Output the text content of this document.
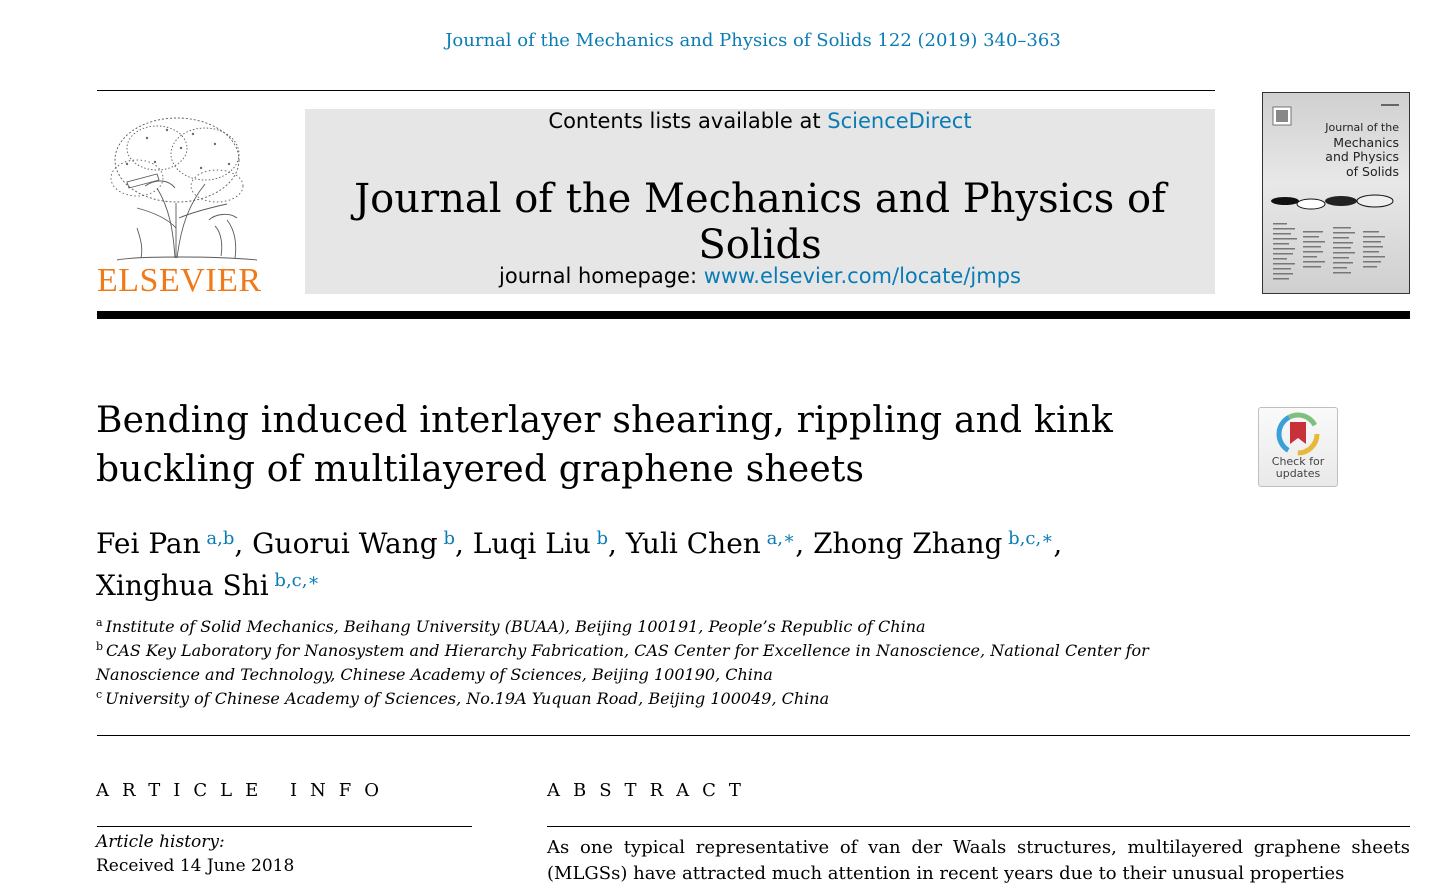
Journal of the Mechanics and Physics of Solids 122 (2019) 340–363
ELSEVIER
Contents lists available at ScienceDirect
Journal of the Mechanics and Physics of Solids
journal homepage: www.elsevier.com/locate/jmps
Journal of the
Mechanics
and Physics
of Solids
Bending induced interlayer shearing, rippling and kink
buckling of multilayered graphene sheets	Check for
updates
Fei Pan $^{a,b}$, Guorui Wang $^b$, Luqi Liu $^b$, Yuli Chen $^{a,∗}$, Zhong Zhang $^{b,c,∗}$,
Xinghua Shi $^{b,c,∗}$
$^a$ Institute of Solid Mechanics, Beihang University (BUAA), Beijing 100191, People’s Republic of China
$^b$ CAS Key Laboratory for Nanosystem and Hierarchy Fabrication, CAS Center for Excellence in Nanoscience, National Center for
Nanoscience and Technology, Chinese Academy of Sciences, Beijing 100190, China
$^c$ University of Chinese Academy of Sciences, No.19A Yuquan Road, Beijing 100049, China
ARTICLE INFO	ABSTRACT
Article history:
Received 14 June 2018
As one typical representative of van der Waals structures, multilayered graphene sheets (MLGSs) have attracted much attention in recent years due to their unusual properties
